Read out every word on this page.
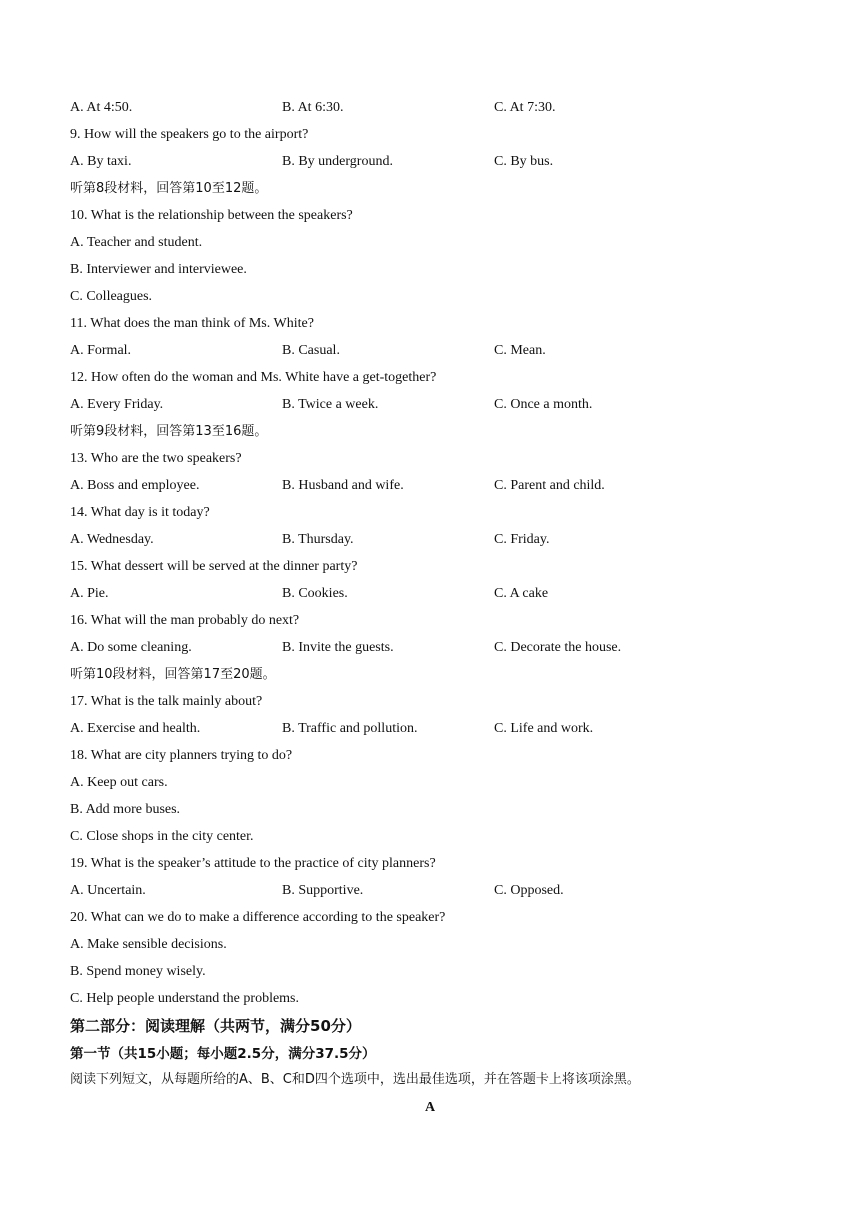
A. At 4:50.	B. At 6:30.	C. At 7:30.
9. How will the speakers go to the airport?
A. By taxi.	B. By underground.	C. By bus.
听第8段材料，回答第10至12题。
10. What is the relationship between the speakers?
A. Teacher and student.
B. Interviewer and interviewee.
C. Colleagues.
11. What does the man think of Ms. White?
A. Formal.	B. Casual.	C. Mean.
12. How often do the woman and Ms. White have a get-together?
A. Every Friday.	B. Twice a week.	C. Once a month.
听第9段材料，回答第13至16题。
13. Who are the two speakers?
A. Boss and employee.	B. Husband and wife.	C. Parent and child.
14. What day is it today?
A. Wednesday.	B. Thursday.	C. Friday.
15. What dessert will be served at the dinner party?
A. Pie.	B. Cookies.	C. A cake
16. What will the man probably do next?
A. Do some cleaning.	B. Invite the guests.	C. Decorate the house.
听第10段材料，回答第17至20题。
17. What is the talk mainly about?
A. Exercise and health.	B. Traffic and pollution.	C. Life and work.
18. What are city planners trying to do?
A. Keep out cars.
B. Add more buses.
C. Close shops in the city center.
19. What is the speaker’s attitude to the practice of city planners?
A. Uncertain.	B. Supportive.	C. Opposed.
20. What can we do to make a difference according to the speaker?
A. Make sensible decisions.
B. Spend money wisely.
C. Help people understand the problems.
第二部分：阅读理解（共两节，满分50分）
第一节（共15小题；每小题2.5分，满分37.5分）
阅读下列短文，从每题所给的A、B、C和D四个选项中，选出最佳选项，并在答题卡上将该项涂黑。
A
